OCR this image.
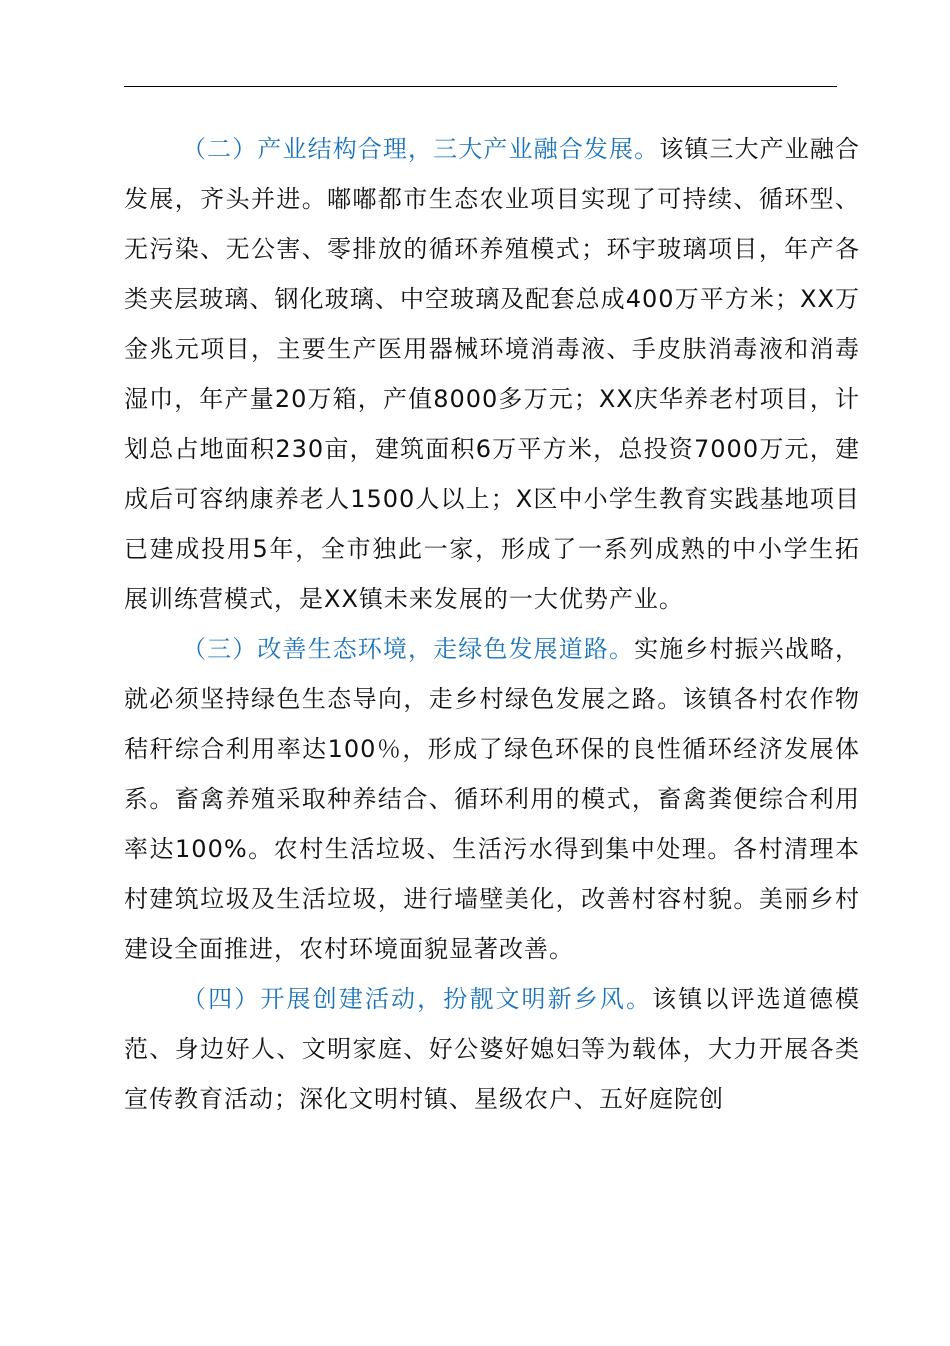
（二）产业结构合理，三大产业融合发展。该镇三大产业融合发展，齐头并进。嘟嘟都市生态农业项目实现了可持续、循环型、无污染、无公害、零排放的循环养殖模式；环宇玻璃项目，年产各类夹层玻璃、钢化玻璃、中空玻璃及配套总成400万平方米；XX万金兆元项目，主要生产医用器械环境消毒液、手皮肤消毒液和消毒湿巾，年产量20万箱，产值8000多万元；XX庆华养老村项目，计划总占地面积230亩，建筑面积6万平方米，总投资7000万元，建成后可容纳康养老人1500人以上；X区中小学生教育实践基地项目已建成投用5年，全市独此一家，形成了一系列成熟的中小学生拓展训练营模式，是XX镇未来发展的一大优势产业。

（三）改善生态环境，走绿色发展道路。实施乡村振兴战略，就必须坚持绿色生态导向，走乡村绿色发展之路。该镇各村农作物秸秆综合利用率达100％，形成了绿色环保的良性循环经济发展体系。畜禽养殖采取种养结合、循环利用的模式，畜禽粪便综合利用率达100%。农村生活垃圾、生活污水得到集中处理。各村清理本村建筑垃圾及生活垃圾，进行墙壁美化，改善村容村貌。美丽乡村建设全面推进，农村环境面貌显著改善。

（四）开展创建活动，扮靓文明新乡风。该镇以评选道德模范、身边好人、文明家庭、好公婆好媳妇等为载体，大力开展各类宣传教育活动；深化文明村镇、星级农户、五好庭院创
